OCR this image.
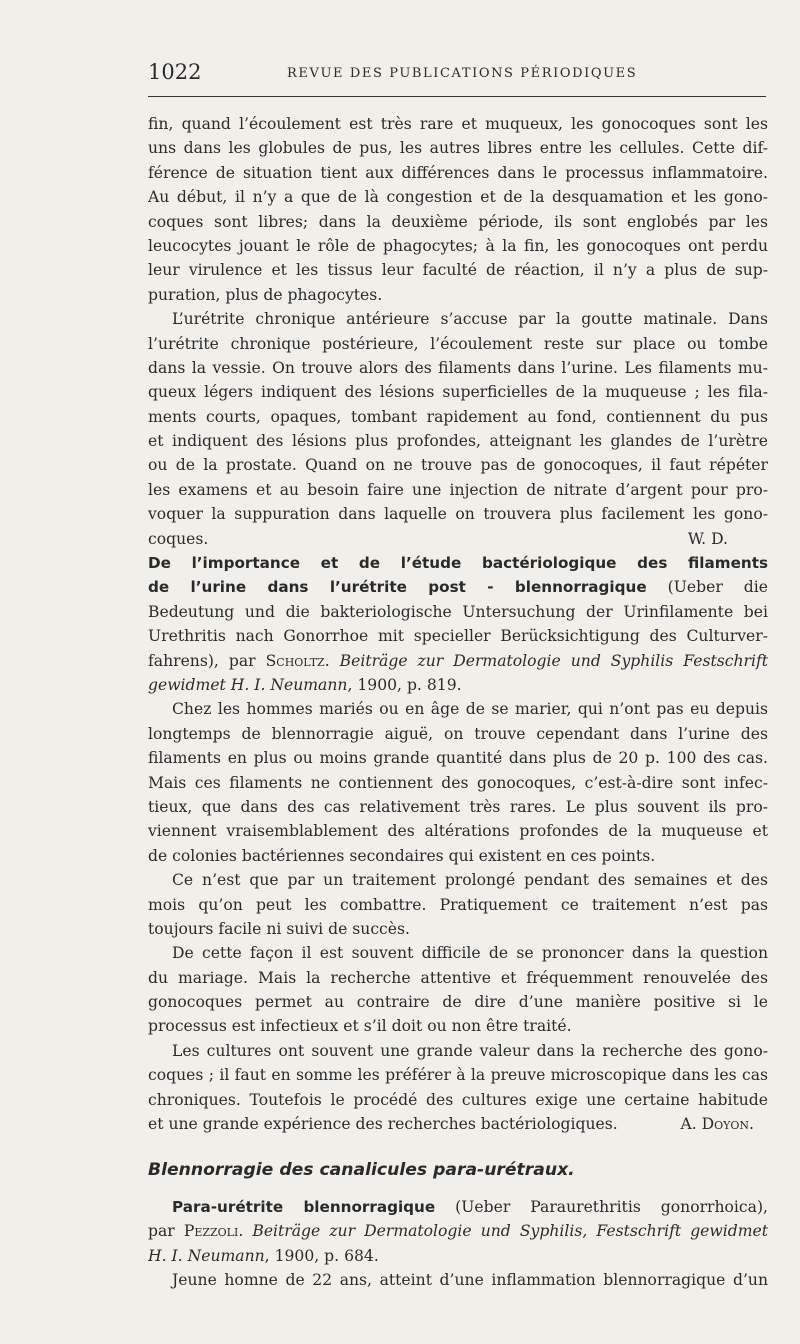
1022	REVUE DES PUBLICATIONS PÉRIODIQUES
fin, quand l’écoulement est très rare et muqueux, les gonocoques sont les
uns dans les globules de pus, les autres libres entre les cellules. Cette dif-
férence de situation tient aux différences dans le processus inflammatoire.
Au début, il n’y a que de là congestion et de la desquamation et les gono-
coques sont libres; dans la deuxième période, ils sont englobés par les
leucocytes jouant le rôle de phagocytes; à la fin, les gonocoques ont perdu
leur virulence et les tissus leur faculté de réaction, il n’y a plus de sup-
puration, plus de phagocytes.
L’urétrite chronique antérieure s’accuse par la goutte matinale. Dans
l’urétrite chronique postérieure, l’écoulement reste sur place ou tombe
dans la vessie. On trouve alors des filaments dans l’urine. Les filaments mu-
queux légers indiquent des lésions superficielles de la muqueuse ; les fila-
ments courts, opaques, tombant rapidement au fond, contiennent du pus
et indiquent des lésions plus profondes, atteignant les glandes de l’urètre
ou de la prostate. Quand on ne trouve pas de gonocoques, il faut répéter
les examens et au besoin faire une injection de nitrate d’argent pour pro-
voquer la suppuration dans laquelle on trouvera plus facilement les gono-
coques.	W. D.
De l’importance et de l’étude bactériologique des filaments
de l’urine dans l’urétrite post - blennorragique (Ueber die
Bedeutung und die bakteriologische Untersuchung der Urinfilamente bei
Urethritis nach Gonorrhoe mit specieller Berücksichtigung des Culturver-
fahrens), par Scholtz. Beiträge zur Dermatologie und Syphilis Festschrift
gewidmet H. I. Neumann, 1900, p. 819.
Chez les hommes mariés ou en âge de se marier, qui n’ont pas eu depuis
longtemps de blennorragie aiguë, on trouve cependant dans l’urine des
filaments en plus ou moins grande quantité dans plus de 20 p. 100 des cas.
Mais ces filaments ne contiennent des gonocoques, c’est-à-dire sont infec-
tieux, que dans des cas relativement très rares. Le plus souvent ils pro-
viennent vraisemblablement des altérations profondes de la muqueuse et
de colonies bactériennes secondaires qui existent en ces points.
Ce n’est que par un traitement prolongé pendant des semaines et des
mois qu’on peut les combattre. Pratiquement ce traitement n’est pas
toujours facile ni suivi de succès.
De cette façon il est souvent difficile de se prononcer dans la question
du mariage. Mais la recherche attentive et fréquemment renouvelée des
gonocoques permet au contraire de dire d’une manière positive si le
processus est infectieux et s’il doit ou non être traité.
Les cultures ont souvent une grande valeur dans la recherche des gono-
coques ; il faut en somme les préférer à la preuve microscopique dans les cas
chroniques. Toutefois le procédé des cultures exige une certaine habitude
et une grande expérience des recherches bactériologiques.	A. Doyon.
Blennorragie des canalicules para-urétraux.
Para-urétrite blennorragique (Ueber Paraurethritis gonorrhoica),
par Pezzoli. Beiträge zur Dermatologie und Syphilis, Festschrift gewidmet
H. I. Neumann, 1900, p. 684.
Jeune homne de 22 ans, atteint d’une inflammation blennorragique d’un
